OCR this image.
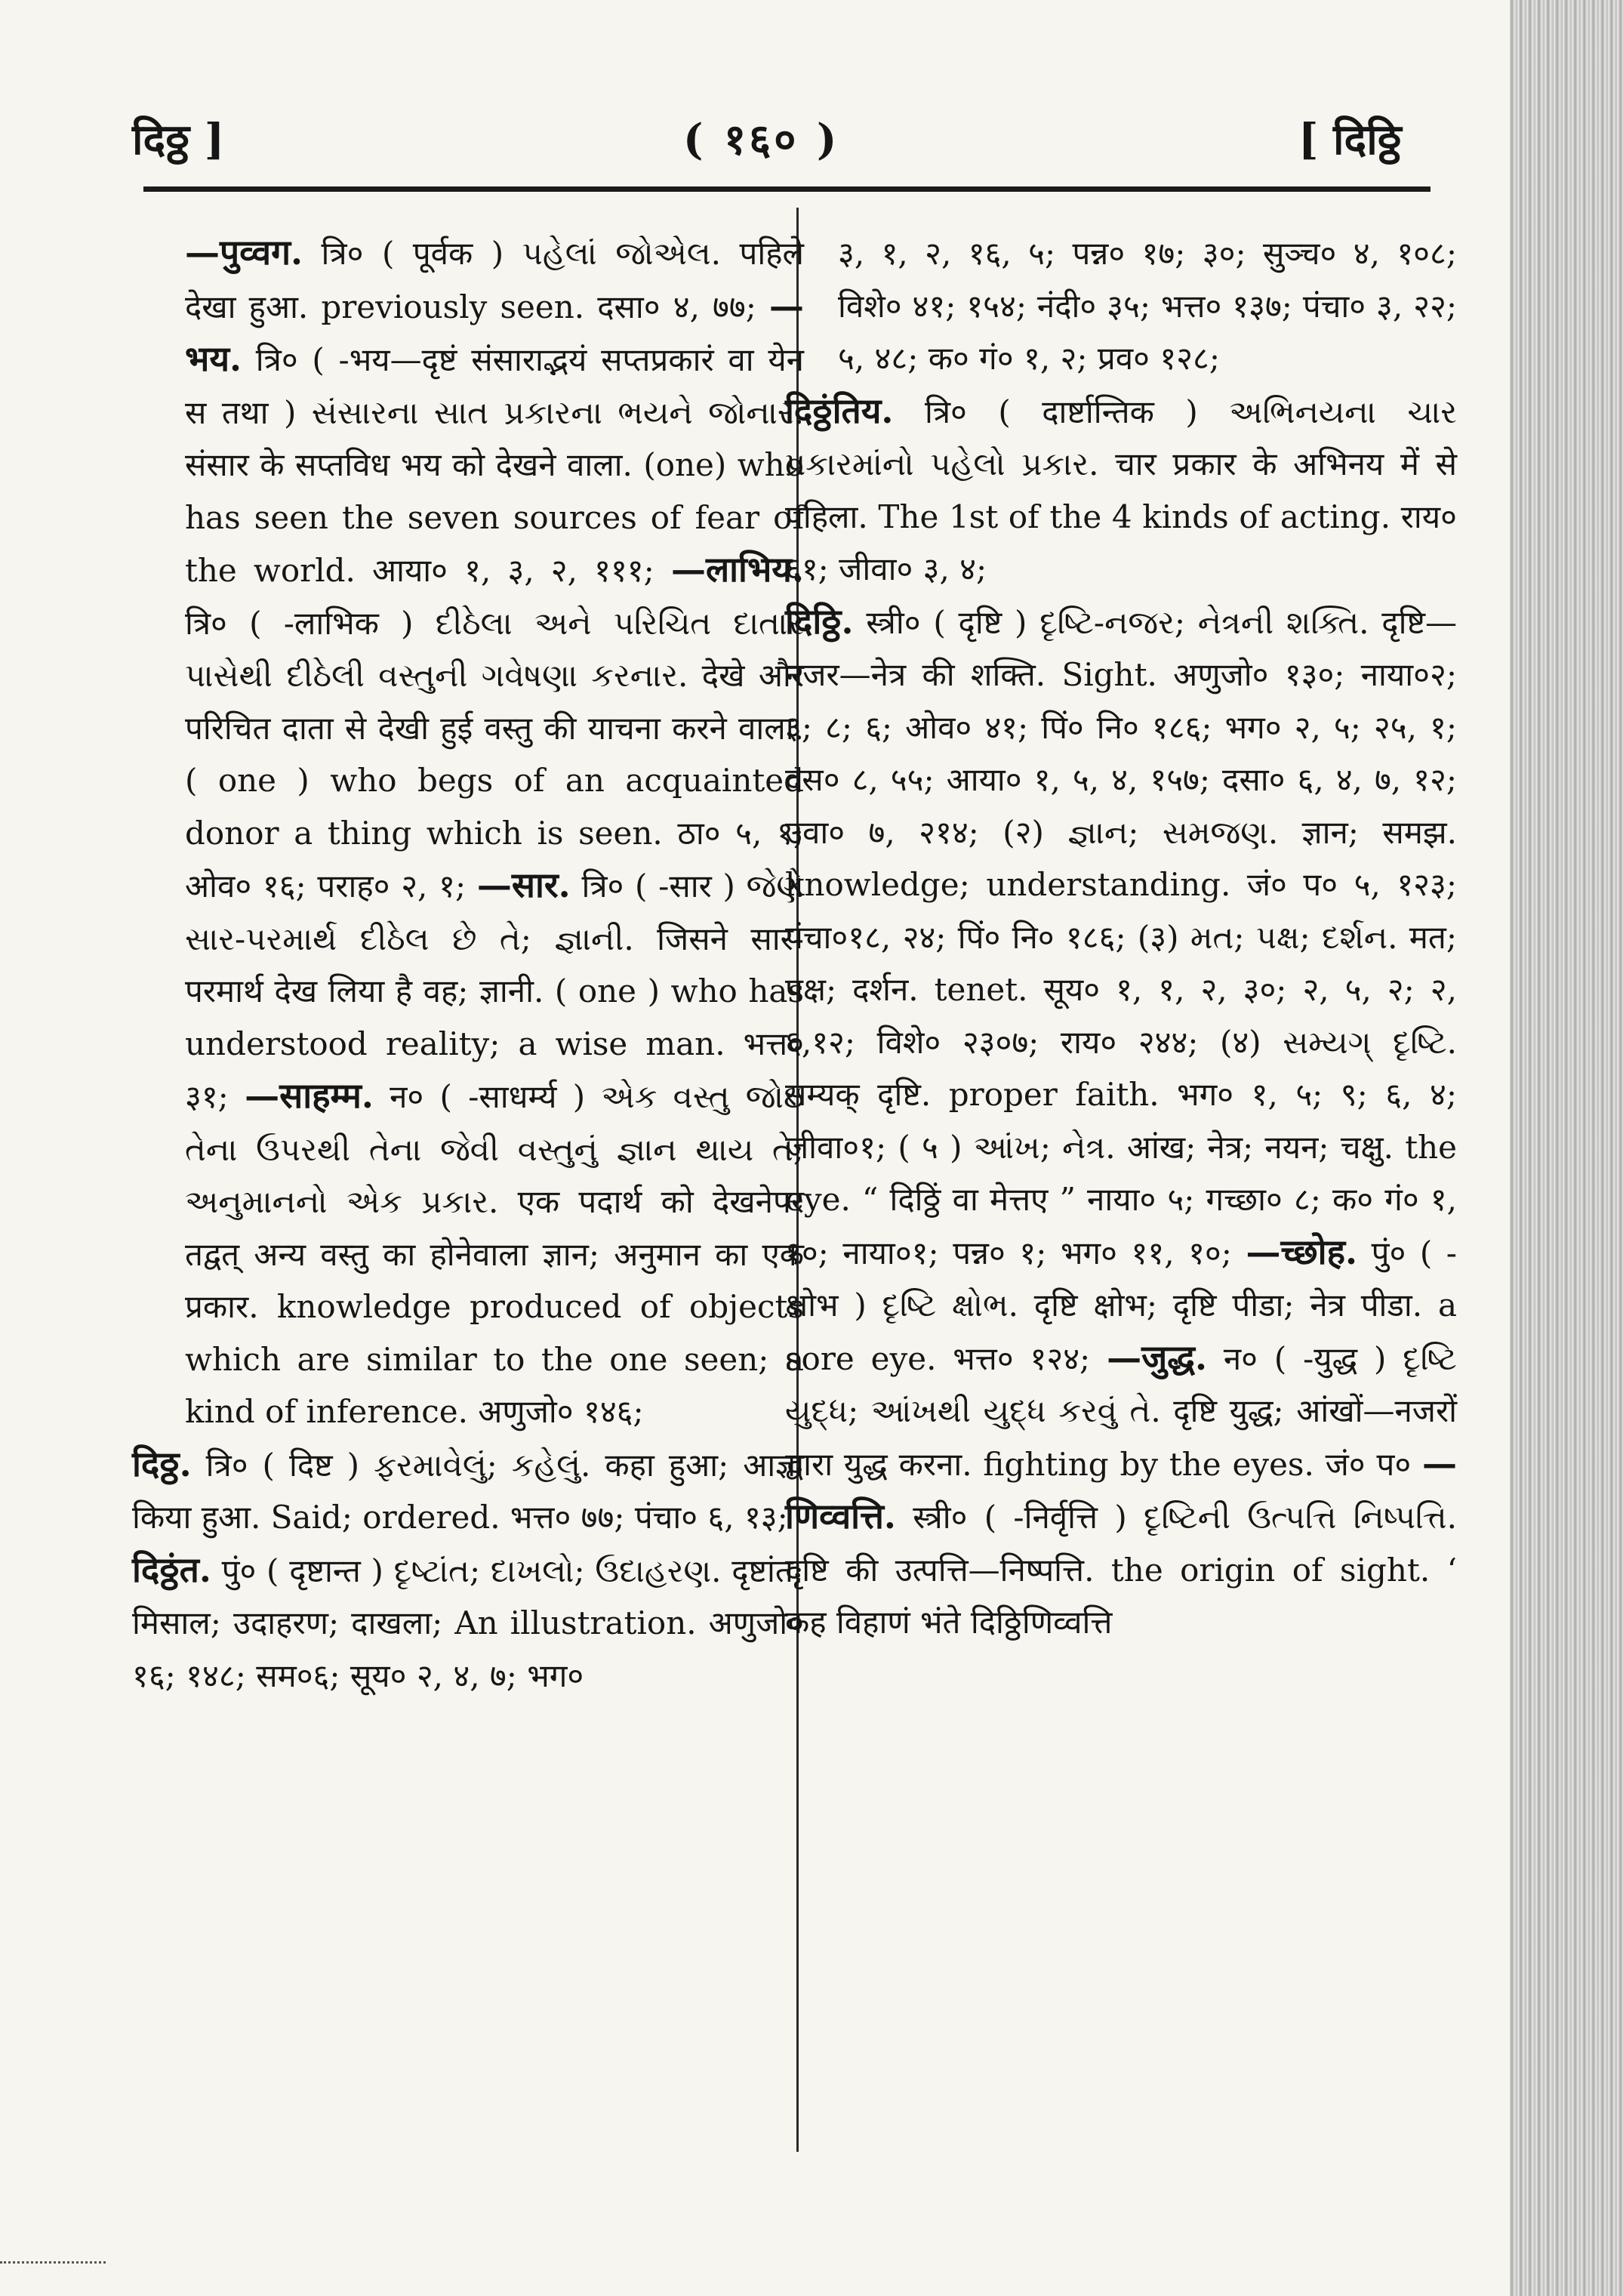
दिठ्ठ ]	( १६० )	[ दिठ्ठि

—पुव्वग. त्रि० ( पूर्वक ) પહેલાં જોએલ. पहिले देखा हुआ. previously seen. दसा० ४, ७७; —भय. त्रि० ( -भय—दृष्टं संसाराद्भयं सप्तप्रकारं वा येन स तथा ) સંસારના સાત પ્રકારના ભયને જોનાર. संसार के सप्तविध भय को देखने वाला. (one) who has seen the seven sources of fear of the world. आया० १, ३, २, १११; —लाभिय. त्रि० ( -लाभिक ) દીઠેલા અને પરિચિત દાતાર પાસેથી દીઠેલી વસ્તુની ગવેષણા કરનાર. देखे और परिचित दाता से देखी हुई वस्तु की याचना करने वाला. ( one ) who begs of an acquainted donor a thing which is seen. ठा० ५, १; ओव० १६; पराह० २, १; —सार. त्रि० ( -सार ) જેણે સાર-પરમાર્થ દીઠેલ છે તે; જ્ઞાની. जिसने सार-परमार्थ देख लिया है वह; ज्ञानी. ( one ) who has understood reality; a wise man. भत्त० ३१; —साहम्म. न० ( -साधर्म्य ) એક વસ્તુ જોઇ તેના ઉપરથી તેના જેવી વસ્તુનું જ્ઞાન થાય તે; અનુમાનનો એક પ્રકાર. एक पदार्थ को देखनेपर तद्वत् अन्य वस्तु का होनेवाला ज्ञान; अनुमान का एक प्रकार. knowledge produced of objects which are similar to the one seen; a kind of inference. अणुजो० १४६;

दिठ्ठ. त्रि० ( दिष्ट ) ફરમાવેલું; કહેલું. कहा हुआ; आज्ञा किया हुआ. Said; ordered. भत्त० ७७; पंचा० ६, १३;

दिठ्ठंत. पुं० ( दृष्टान्त ) દૃષ્ટાંત; દાખલો; ઉદાહરણ. दृष्टांत; मिसाल; उदाहरण; दाखला; An illustration. अणुजो० १६; १४८; सम०६; सूय० २, ४, ७; भग०

३, १, २, १६, ५; पन्न० १७; ३०; सुञ्च० ४, १०८; विशे० ४१; १५४; नंदी० ३५; भत्त० १३७; पंचा० ३, २२; ५, ४८; क० गं० १, २; प्रव० १२८;

दिठ्ठंतिय. त्रि० ( दार्ष्टान्तिक ) અભિનયના ચાર પ્રકારમાંનો પહેલો પ્રકાર. चार प्रकार के अभिनय में से पहिला. The 1st of the 4 kinds of acting. राय० ६१; जीवा० ३, ४;

दिठ्ठि. स्त्री० ( दृष्टि ) દૃષ્ટિ-નજર; નેત્રની શક્તિ. दृष्टि—नजर—नेत्र की शक्ति. Sight. अणुजो० १३०; नाया०२; ३; ८; ६; ओव० ४१; पिं० नि० १८६; भग० २, ५; २५, १; दस० ८, ५५; आया० १, ५, ४, १५७; दसा० ६, ४, ७, १२; उवा० ७, २१४; (२) જ્ઞાન; સમજણ. ज्ञान; समझ. knowledge; understanding. जं० प० ५, १२३; पंचा०१८, २४; पिं० नि० १८६; (३) મત; પક્ષ; દર્શન. मत; पक्ष; दर्शन. tenet. सूय० १, १, २, ३०; २, ५, २; २, ६,१२; विशे० २३०७; राय० २४४; (४) સમ્યગ્ દૃષ્ટિ. सम्यक् दृष्टि. proper faith. भग० १, ५; ९; ६, ४; जीवा०१; ( ५ ) આંખ; નેત્ર. आंख; नेत्र; नयन; चक्षु. the eye. “ दिठ्ठिं वा मेत्तए ” नाया० ५; गच्छा० ८; क० गं० १, १०; नाया०१; पन्न० १; भग० ११, १०; —च्छोह. पुं० ( -क्षोभ ) દૃષ્ટિ ક્ષોભ. दृष्टि क्षोभ; दृष्टि पीडा; नेत्र पीडा. a sore eye. भत्त० १२४; —जुद्ध. न० ( -युद्ध ) દૃષ્ટિ યુદ્ધ; આંખથી યુદ્ધ કરવું તે. दृष्टि युद्ध; आंखों—नजरों द्वारा युद्ध करना. fighting by the eyes. जं० प० —णिव्वत्ति. स्त्री० ( -निर्वृत्ति ) દૃષ્ટિની ઉત્પત્તિ નિષ્પત્તિ. दृष्टि की उत्पत्ति—निष्पत्ति. the origin of sight. ‘ कह विहाणं भंते दिठ्ठिणिव्वत्ति
